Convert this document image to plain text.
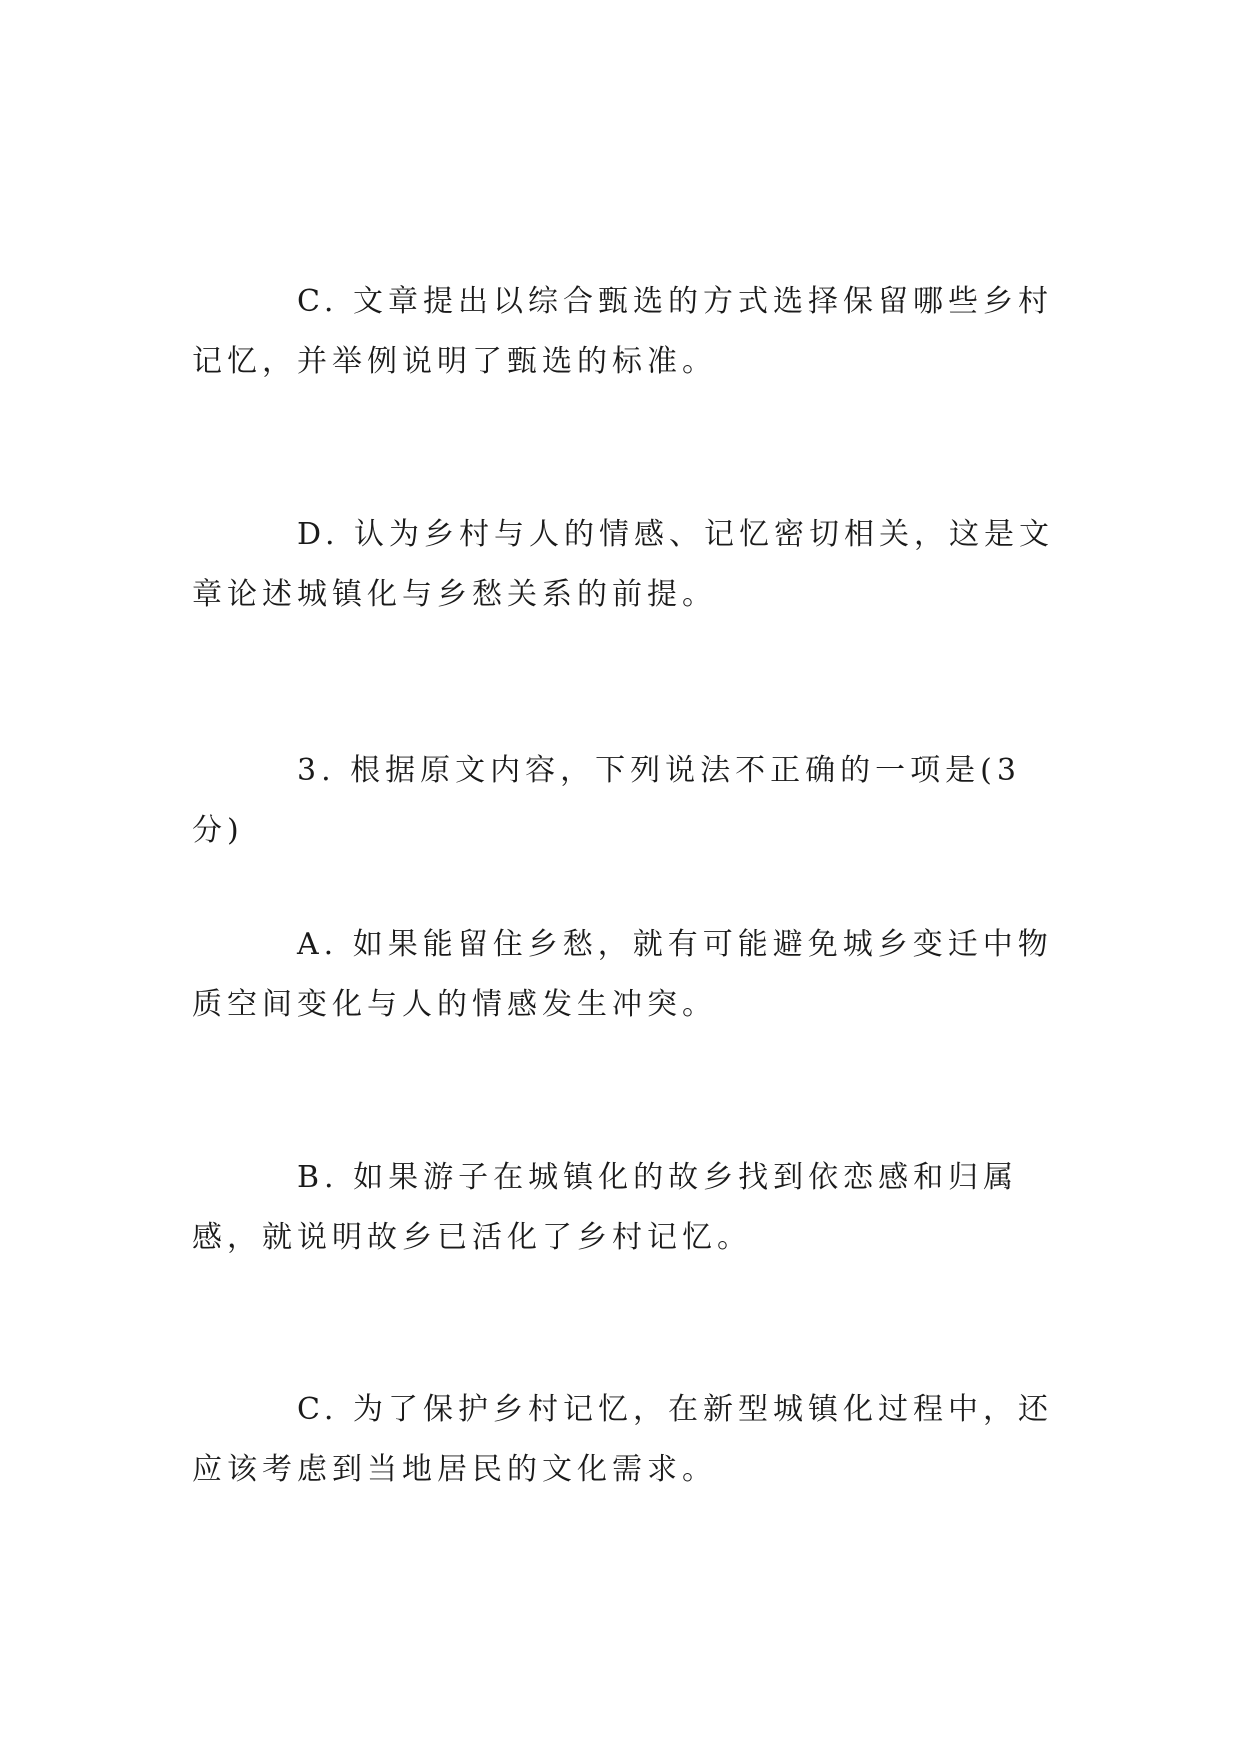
C. 文章提出以综合甄选的方式选择保留哪些乡村记忆，并举例说明了甄选的标准。

D. 认为乡村与人的情感、记忆密切相关，这是文章论述城镇化与乡愁关系的前提。

3. 根据原文内容，下列说法不正确的一项是(3 分)

A. 如果能留住乡愁，就有可能避免城乡变迁中物质空间变化与人的情感发生冲突。

B. 如果游子在城镇化的故乡找到依恋感和归属感，就说明故乡已活化了乡村记忆。

C. 为了保护乡村记忆，在新型城镇化过程中，还应该考虑到当地居民的文化需求。
